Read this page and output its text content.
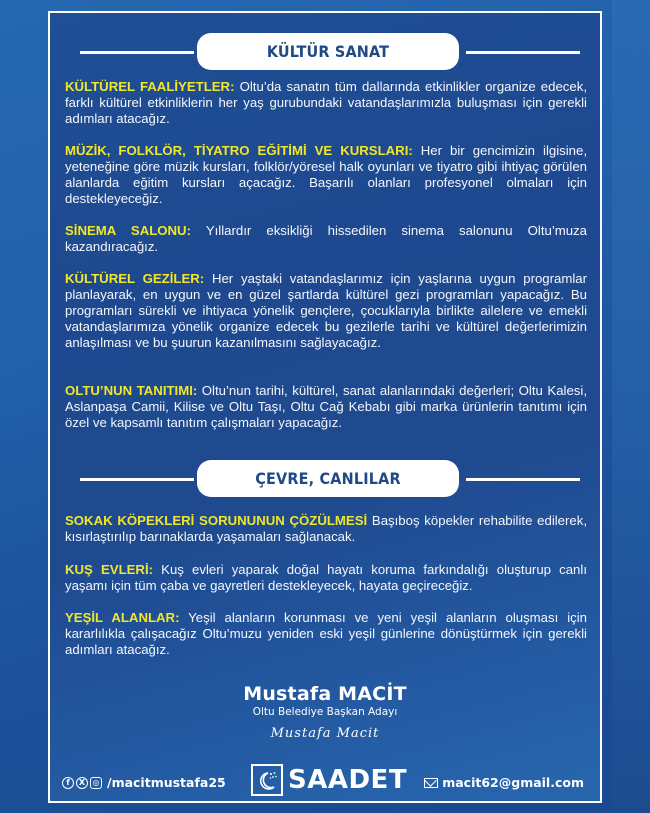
KÜLTÜR SANAT

KÜLTÜREL FAALİYETLER: Oltu’da sanatın tüm dallarında etkinlikler organize edecek, farklı kültürel etkinliklerin her yaş gurubundaki vatandaşlarımızla buluşması için gerekli adımları atacağız.

MÜZİK, FOLKLÖR, TİYATRO EĞİTİMİ VE KURSLARI: Her bir gencimizin ilgisine, yeteneğine göre müzik kursları, folklör/yöresel halk oyunları ve tiyatro gibi ihtiyaç görülen alanlarda eğitim kursları açacağız. Başarılı olanları profesyonel olmaları için destekleyeceğiz.

SİNEMA SALONU: Yıllardır eksikliği hissedilen sinema salonunu Oltu’muza kazandıracağız.

KÜLTÜREL GEZİLER: Her yaştaki vatandaşlarımız için yaşlarına uygun programlar planlayarak, en uygun ve en güzel şartlarda kültürel gezi programları yapacağız. Bu programları sürekli ve ihtiyaca yönelik gençlere, çocuklarıyla birlikte ailelere ve emekli vatandaşlarımıza yönelik organize edecek bu gezilerle tarihi ve kültürel değerlerimizin anlaşılması ve bu şuurun kazanılmasını sağlayacağız.

OLTU’NUN TANITIMI: Oltu’nun tarihi, kültürel, sanat alanlarındaki değerleri; Oltu Kalesi, Aslanpaşa Camii, Kilise ve Oltu Taşı, Oltu Cağ Kebabı gibi marka ürünlerin tanıtımı için özel ve kapsamlı tanıtım çalışmaları yapacağız.

ÇEVRE, CANLILAR

SOKAK KÖPEKLERİ SORUNUNUN ÇÖZÜLMESİ Başıboş köpekler rehabilite edilerek, kısırlaştırılıp barınaklarda yaşamaları sağlanacak.

KUŞ EVLERİ: Kuş evleri yaparak doğal hayatı koruma farkındalığı oluşturup canlı yaşamı için tüm çaba ve gayretleri destekleyecek, hayata geçireceğiz.

YEŞİL ALANLAR: Yeşil alanların korunması ve yeni yeşil alanların oluşması için kararlılıkla çalışacağız Oltu’muzu yeniden eski yeşil günlerine dönüştürmek için gerekli adımları atacağız.

Mustafa MACİT
Oltu Belediye Başkan Adayı
Mustafa Macit
f	X ◎ /macitmustafa25 SAADET	macit62@gmail.com
